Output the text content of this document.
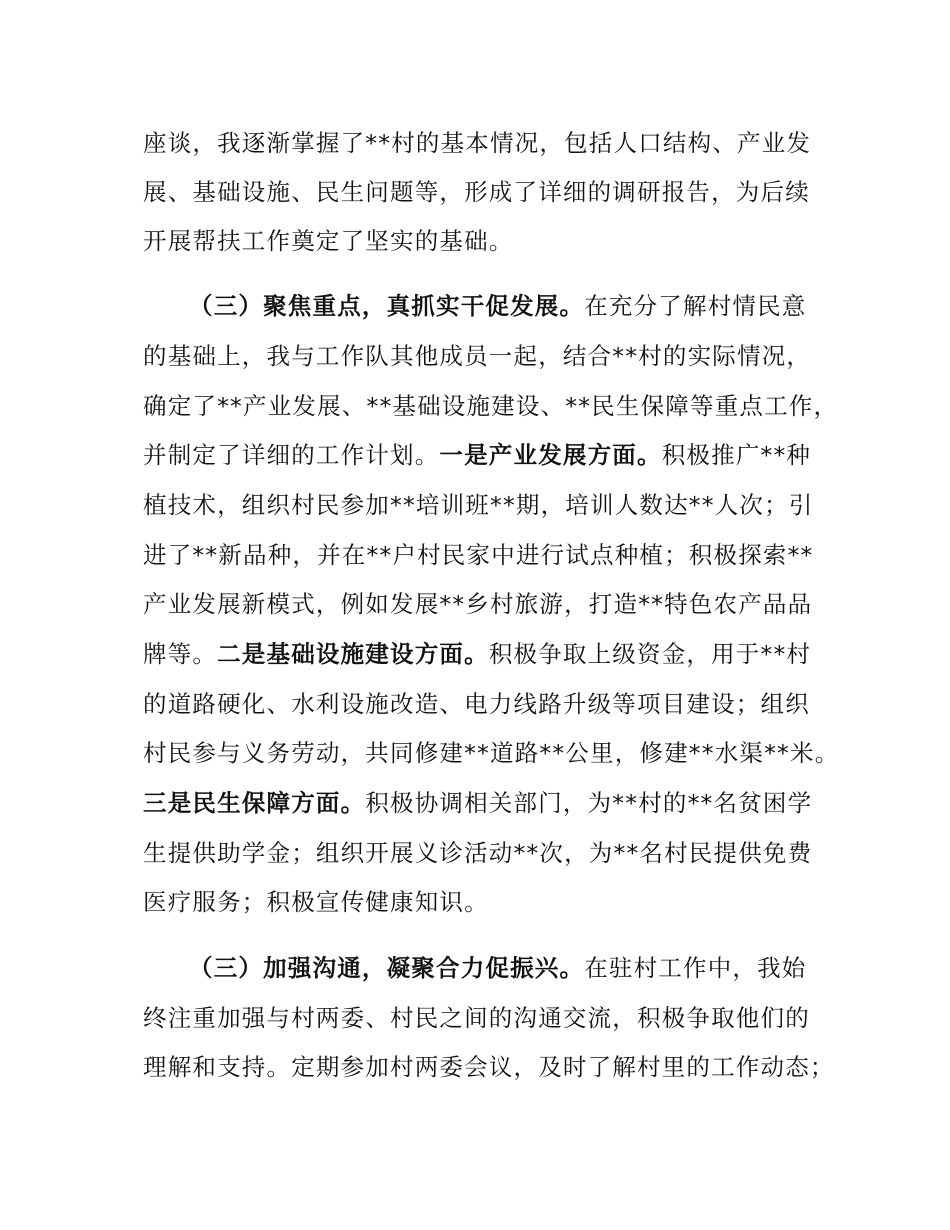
座谈，我逐渐掌握了**村的基本情况，包括人口结构、产业发
展、基础设施、民生问题等，形成了详细的调研报告，为后续
开展帮扶工作奠定了坚实的基础。
（三）聚焦重点，真抓实干促发展。在充分了解村情民意
的基础上，我与工作队其他成员一起，结合**村的实际情况，
确定了**产业发展、**基础设施建设、**民生保障等重点工作，
并制定了详细的工作计划。一是产业发展方面。积极推广**种
植技术，组织村民参加**培训班**期，培训人数达**人次；引
进了**新品种，并在**户村民家中进行试点种植；积极探索**
产业发展新模式，例如发展**乡村旅游，打造**特色农产品品
牌等。二是基础设施建设方面。积极争取上级资金，用于**村
的道路硬化、水利设施改造、电力线路升级等项目建设；组织
村民参与义务劳动，共同修建**道路**公里，修建**水渠**米。
三是民生保障方面。积极协调相关部门，为**村的**名贫困学
生提供助学金；组织开展义诊活动**次，为**名村民提供免费
医疗服务；积极宣传健康知识。
（三）加强沟通，凝聚合力促振兴。在驻村工作中，我始
终注重加强与村两委、村民之间的沟通交流，积极争取他们的
理解和支持。定期参加村两委会议，及时了解村里的工作动态；
